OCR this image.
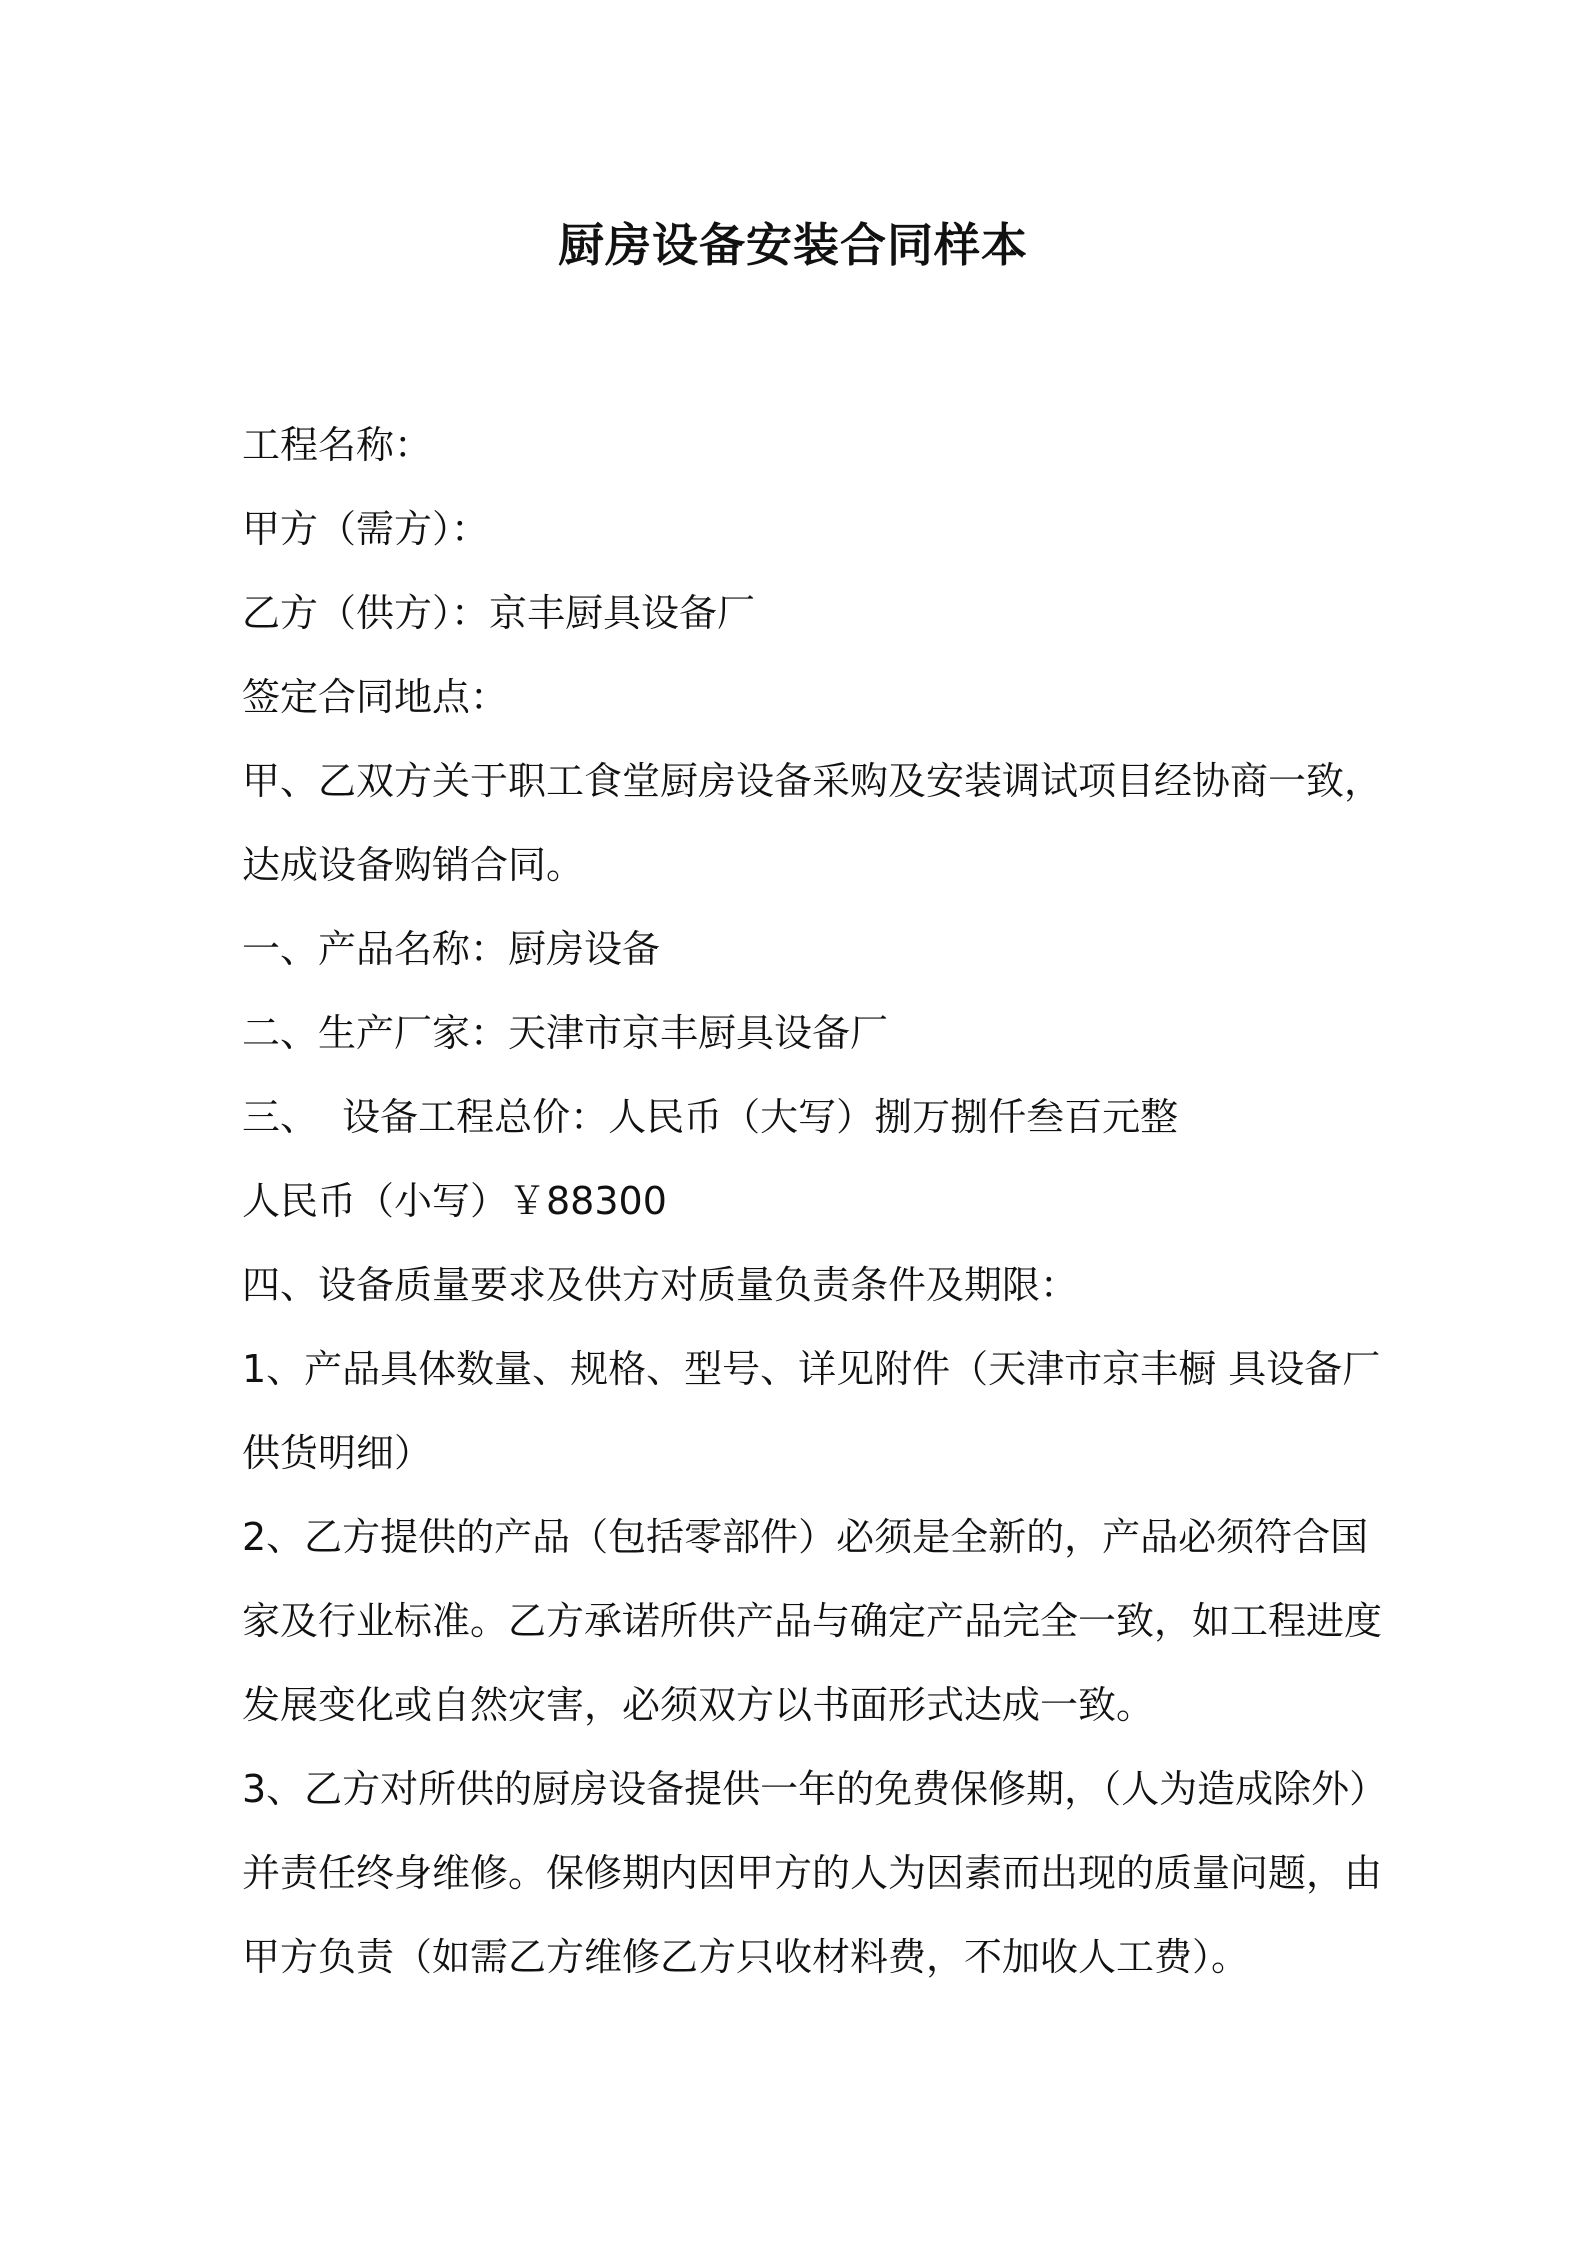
厨房设备安装合同样本
工程名称：
甲方（需方）：
乙方（供方）：京丰厨具设备厂
签定合同地点：
甲、乙双方关于职工食堂厨房设备采购及安装调试项目经协商一致，
达成设备购销合同。
一、产品名称：厨房设备
二、生产厂家：天津市京丰厨具设备厂
三、  设备工程总价：人民币（大写）捌万捌仟叁百元整
人民币（小写）￥88300
四、设备质量要求及供方对质量负责条件及期限：
1、产品具体数量、规格、型号、详见附件（天津市京丰橱 具设备厂
供货明细）
2、乙方提供的产品（包括零部件）必须是全新的，产品必须符合国
家及行业标准。乙方承诺所供产品与确定产品完全一致，如工程进度
发展变化或自然灾害，必须双方以书面形式达成一致。
3、乙方对所供的厨房设备提供一年的免费保修期，（人为造成除外）
并责任终身维修。保修期内因甲方的人为因素而出现的质量问题，由
甲方负责（如需乙方维修乙方只收材料费，不加收人工费）。
